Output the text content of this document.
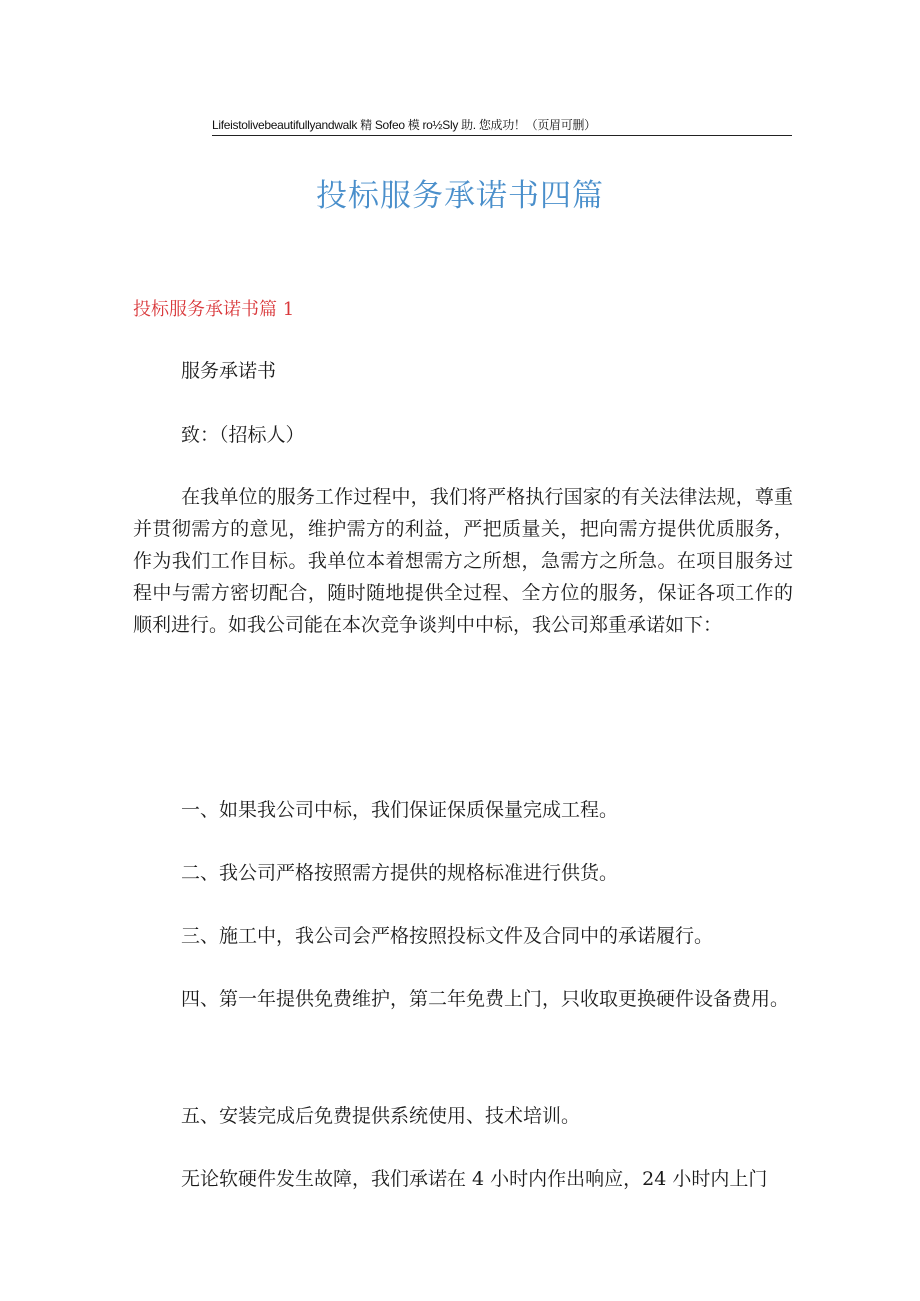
Lifeistolivebeautifullyandwalk 精 Sofeo 模 ro½Sly 助. 您成功！（页眉可删）
投标服务承诺书四篇
投标服务承诺书篇 1
服务承诺书
致：（招标人）
在我单位的服务工作过程中，我们将严格执行国家的有关法律法规，尊重并贯彻需方的意见，维护需方的利益，严把质量关，把向需方提供优质服务，作为我们工作目标。我单位本着想需方之所想，急需方之所急。在项目服务过程中与需方密切配合，随时随地提供全过程、全方位的服务，保证各项工作的顺利进行。如我公司能在本次竞争谈判中中标，我公司郑重承诺如下：
一、如果我公司中标，我们保证保质保量完成工程。
二、我公司严格按照需方提供的规格标准进行供货。
三、施工中，我公司会严格按照投标文件及合同中的承诺履行。
四、第一年提供免费维护，第二年免费上门，只收取更换硬件设备费用。
五、安装完成后免费提供系统使用、技术培训。
无论软硬件发生故障，我们承诺在 4 小时内作出响应，24 小时内上门
